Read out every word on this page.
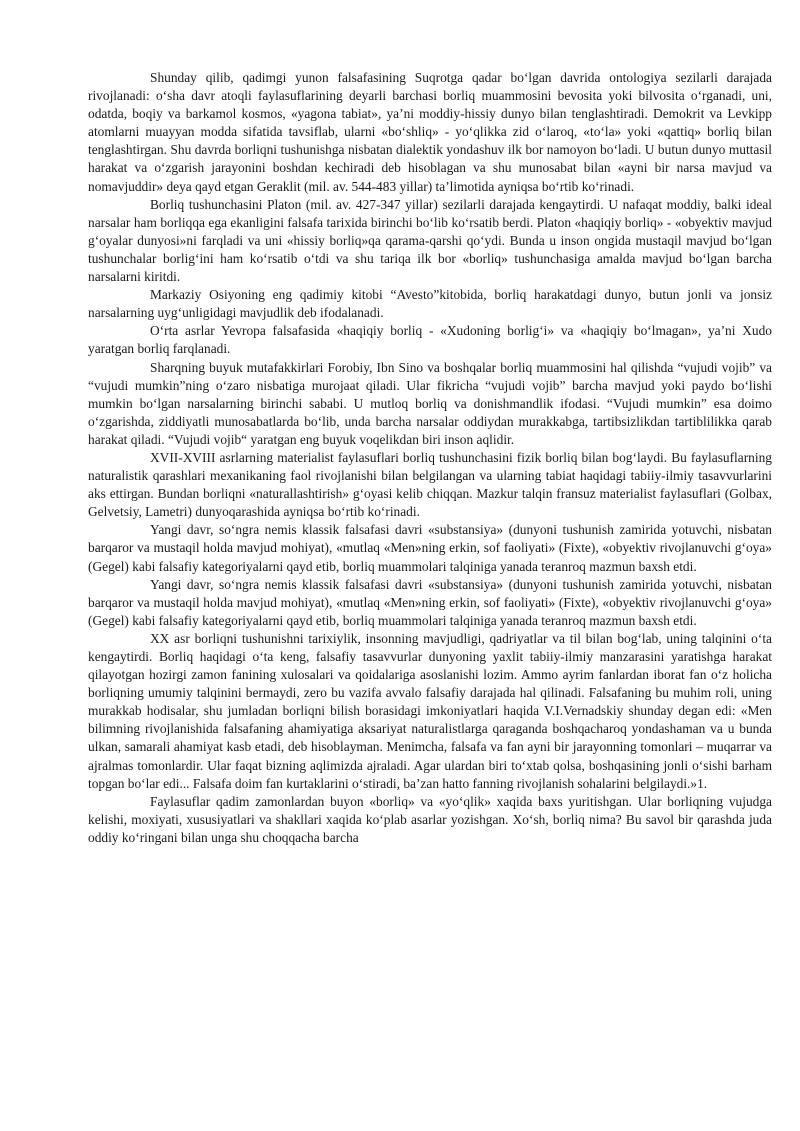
Shunday qilib, qadimgi yunon falsafasining Suqrotga qadar bo‘lgan davrida ontologiya sezilarli darajada rivojlanadi: o‘sha davr atoqli faylasuflarining deyarli barchasi borliq muammosini bevosita yoki bilvosita o‘rganadi, uni, odatda, boqiy va barkamol kosmos, «yagona tabiat», ya’ni moddiy-hissiy dunyo bilan tenglashtiradi. Demokrit va Levkipp atomlarni muayyan modda sifatida tavsiflab, ularni «bo‘shliq» - yo‘qlikka zid o‘laroq, «to‘la» yoki «qattiq» borliq bilan tenglashtirgan. Shu davrda borliqni tushunishga nisbatan dialektik yondashuv ilk bor namoyon bo‘ladi. U butun dunyo muttasil harakat va o‘zgarish jarayonini boshdan kechiradi deb hisoblagan va shu munosabat bilan «ayni bir narsa mavjud va nomavjuddir» deya qayd etgan Geraklit (mil. av. 544-483 yillar) ta’limotida ayniqsa bo‘rtib ko‘rinadi.

Borliq tushunchasini Platon (mil. av. 427-347 yillar) sezilarli darajada kengaytirdi. U nafaqat moddiy, balki ideal narsalar ham borliqqa ega ekanligini falsafa tarixida birinchi bo‘lib ko‘rsatib berdi. Platon «haqiqiy borliq» - «obyektiv mavjud g‘oyalar dunyosi»ni farqladi va uni «hissiy borliq»qa qarama-qarshi qo‘ydi. Bunda u inson ongida mustaqil mavjud bo‘lgan tushunchalar borlig‘ini ham ko‘rsatib o‘tdi va shu tariqa ilk bor «borliq» tushunchasiga amalda mavjud bo‘lgan barcha narsalarni kiritdi.

Markaziy Osiyoning eng qadimiy kitobi “Avesto”kitobida, borliq harakatdagi dunyo, butun jonli va jonsiz narsalarning uyg‘unligidagi mavjudlik deb ifodalanadi.

O‘rta asrlar Yevropa falsafasida «haqiqiy borliq - «Xudoning borlig‘i» va «haqiqiy bo‘lmagan», ya’ni Xudo yaratgan borliq farqlanadi.

Sharqning buyuk mutafakkirlari Forobiy, Ibn Sino va boshqalar borliq muammosini hal qilishda “vujudi vojib” va “vujudi mumkin”ning o‘zaro nisbatiga murojaat qiladi. Ular fikricha “vujudi vojib” barcha mavjud yoki paydo bo‘lishi mumkin bo‘lgan narsalarning birinchi sababi. U mutloq borliq va donishmandlik ifodasi. “Vujudi mumkin” esa doimo o‘zgarishda, ziddiyatli munosabatlarda bo‘lib, unda barcha narsalar oddiydan murakkabga, tartibsizlikdan tartiblilikka qarab harakat qiladi. “Vujudi vojib“ yaratgan eng buyuk voqelikdan biri inson aqlidir.

XVII-XVIII asrlarning materialist faylasuflari borliq tushunchasini fizik borliq bilan bog‘laydi. Bu faylasuflarning naturalistik qarashlari mexanikaning faol rivojlanishi bilan belgilangan va ularning tabiat haqidagi tabiiy-ilmiy tasavvurlarini aks ettirgan. Bundan borliqni «naturallashtirish» g‘oyasi kelib chiqqan. Mazkur talqin fransuz materialist faylasuflari (Golbax, Gelvetsiy, Lametri) dunyoqarashida ayniqsa bo‘rtib ko‘rinadi.

Yangi davr, so‘ngra nemis klassik falsafasi davri «substansiya» (dunyoni tushunish zamirida yotuvchi, nisbatan barqaror va mustaqil holda mavjud mohiyat), «mutlaq «Men»ning erkin, sof faoliyati» (Fixte), «obyektiv rivojlanuvchi g‘oya» (Gegel) kabi falsafiy kategoriyalarni qayd etib, borliq muammolari talqiniga yanada teranroq mazmun baxsh etdi.

Yangi davr, so‘ngra nemis klassik falsafasi davri «substansiya» (dunyoni tushunish zamirida yotuvchi, nisbatan barqaror va mustaqil holda mavjud mohiyat), «mutlaq «Men»ning erkin, sof faoliyati» (Fixte), «obyektiv rivojlanuvchi g‘oya» (Gegel) kabi falsafiy kategoriyalarni qayd etib, borliq muammolari talqiniga yanada teranroq mazmun baxsh etdi.

XX asr borliqni tushunishni tarixiylik, insonning mavjudligi, qadriyatlar va til bilan bog‘lab, uning talqinini o‘ta kengaytirdi. Borliq haqidagi o‘ta keng, falsafiy tasavvurlar dunyoning yaxlit tabiiy-ilmiy manzarasini yaratishga harakat qilayotgan hozirgi zamon fanining xulosalari va qoidalariga asoslanishi lozim. Ammo ayrim fanlardan iborat fan o‘z holicha borliqning umumiy talqinini bermaydi, zero bu vazifa avvalo falsafiy darajada hal qilinadi. Falsafaning bu muhim roli, uning murakkab hodisalar, shu jumladan borliqni bilish borasidagi imkoniyatlari haqida V.I.Vernadskiy shunday degan edi: «Men bilimning rivojlanishida falsafaning ahamiyatiga aksariyat naturalistlarga qaraganda boshqacharoq yondashaman va u bunda ulkan, samarali ahamiyat kasb etadi, deb hisoblayman. Menimcha, falsafa va fan ayni bir jarayonning tomonlari – muqarrar va ajralmas tomonlardir. Ular faqat bizning aqlimizda ajraladi. Agar ulardan biri to‘xtab qolsa, boshqasining jonli o‘sishi barham topgan bo‘lar edi... Falsafa doim fan kurtaklarini o‘stiradi, ba’zan hatto fanning rivojlanish sohalarini belgilaydi.»1.

Faylasuflar qadim zamonlardan buyon «borliq» va «yo‘qlik» xaqida baxs yuritishgan. Ular borliqning vujudga kelishi, moxiyati, xususiyatlari va shakllari xaqida ko‘plab asarlar yozishgan. Xo‘sh, borliq nima? Bu savol bir qarashda juda oddiy ko‘ringani bilan unga shu choqqacha barcha
